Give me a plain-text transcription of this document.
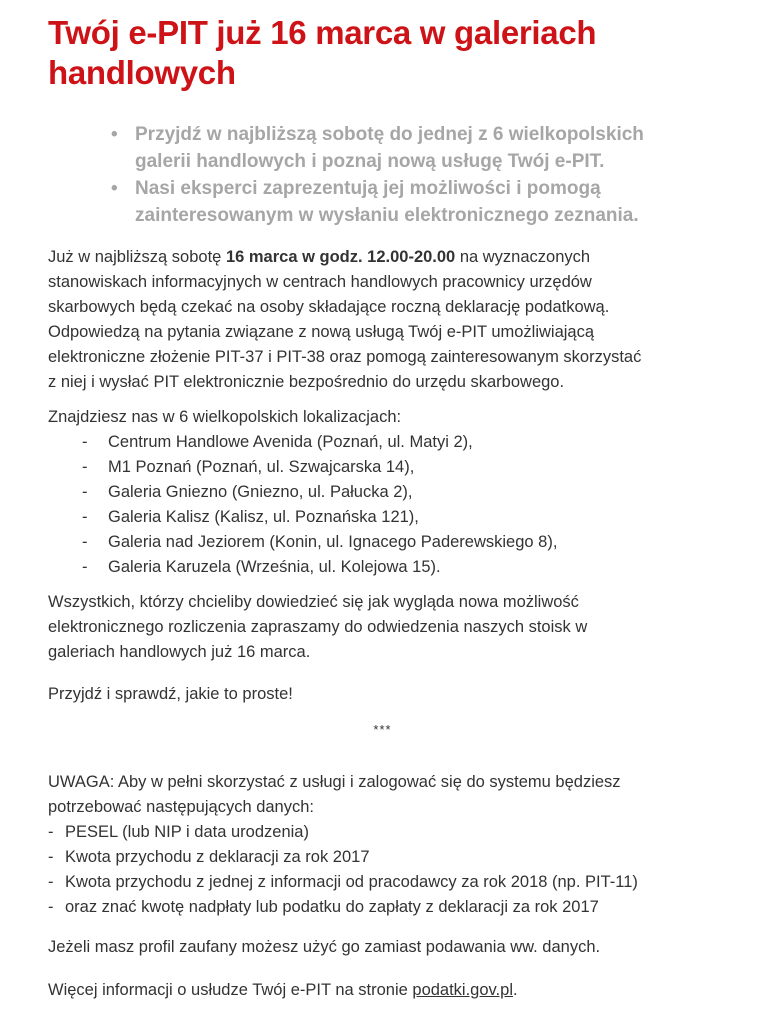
Twój e-PIT już 16 marca w galeriach
handlowych
• Przyjdź w najbliższą sobotę do jednej z 6 wielkopolskich
galerii handlowych i poznaj nową usługę Twój e-PIT.
• Nasi eksperci zaprezentują jej możliwości i pomogą
zainteresowanym w wysłaniu elektronicznego zeznania.
Już w najbliższą sobotę 16 marca w godz. 12.00-20.00 na wyznaczonych
stanowiskach informacyjnych w centrach handlowych pracownicy urzędów
skarbowych będą czekać na osoby składające roczną deklarację podatkową.
Odpowiedzą na pytania związane z nową usługą Twój e-PIT umożliwiającą
elektroniczne złożenie PIT-37 i PIT-38 oraz pomogą zainteresowanym skorzystać
z niej i wysłać PIT elektronicznie bezpośrednio do urzędu skarbowego.
Znajdziesz nas w 6 wielkopolskich lokalizacjach:
- Centrum Handlowe Avenida (Poznań, ul. Matyi 2),
- M1 Poznań (Poznań, ul. Szwajcarska 14),
- Galeria Gniezno (Gniezno, ul. Pałucka 2),
- Galeria Kalisz (Kalisz, ul. Poznańska 121),
- Galeria nad Jeziorem (Konin, ul. Ignacego Paderewskiego 8),
- Galeria Karuzela (Września, ul. Kolejowa 15).
Wszystkich, którzy chcieliby dowiedzieć się jak wygląda nowa możliwość
elektronicznego rozliczenia zapraszamy do odwiedzenia naszych stoisk w
galeriach handlowych już 16 marca.
Przyjdź i sprawdź, jakie to proste!
***
UWAGA: Aby w pełni skorzystać z usługi i zalogować się do systemu będziesz
potrzebować następujących danych:
- PESEL (lub NIP i data urodzenia)
- Kwota przychodu z deklaracji za rok 2017
- Kwota przychodu z jednej z informacji od pracodawcy za rok 2018 (np. PIT-11)
- oraz znać kwotę nadpłaty lub podatku do zapłaty z deklaracji za rok 2017
Jeżeli masz profil zaufany możesz użyć go zamiast podawania ww. danych.
Więcej informacji o usłudze Twój e-PIT na stronie podatki.gov.pl.
